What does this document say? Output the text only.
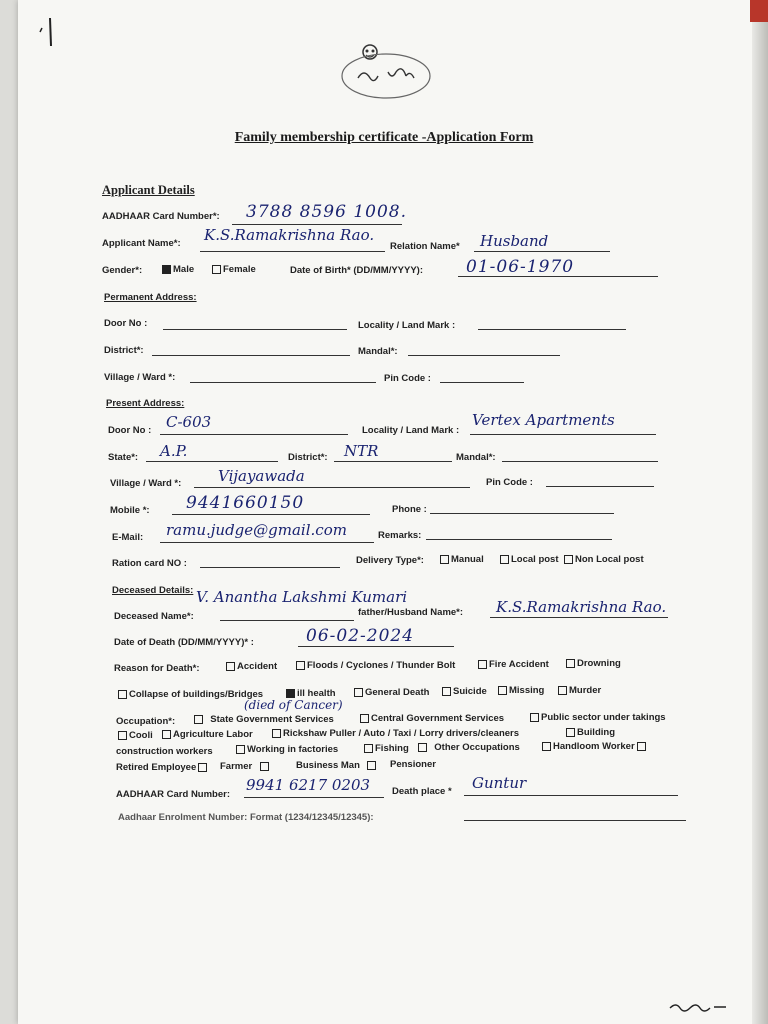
Family membership certificate -Application Form
Applicant Details
AADHAAR Card Number*: 3788 8596 1008.
Applicant Name*: K.S.Ramakrishna Rao.
Relation Name* Husband
Gender*:	Male	Female	Date of Birth* (DD/MM/YYYY):	01-06-1970
Permanent Address:
Door No :	Locality / Land Mark :
District*:	Mandal*:
Village / Ward *:	Pin Code :
Present Address:
Door No : C-603	Locality / Land Mark :
Vertex Apartments
State*: A.P.	District*: NTR	Mandal*:
Village / Ward *: Vijayawada	Pin Code :
Mobile *: 9441660150	Phone :
E-Mail: ramu.judge@gmail.com	Remarks:
Ration card NO :	Delivery Type*:	Manual	Local post	Non Local post
Deceased Details:
Deceased Name*:
V. Anantha Lakshmi Kumari
father/Husband Name*: K.S.Ramakrishna Rao.
Date of Death (DD/MM/YYYY)* :	06-02-2024
Reason for Death*:	Accident	Floods / Cyclones / Thunder Bolt	Fire Accident	Drowning
Collapse of buildings/Bridges	ill health	General Death	Suicide	Missing	Murder
(died of Cancer)
Occupation*:	State Government Services	Central Government Services	Public sector under takings
Cooli	Agriculture Labor	Rickshaw Puller / Auto / Taxi / Lorry drivers/cleaners	Building
construction workers	Working in factories	Fishing	Other Occupations	Handloom Worker
Retired Employee	Farmer	Business Man	Pensioner
AADHAAR Card Number:
9941 6217 0203 Death place * Guntur
Aadhaar Enrolment Number: Format (1234/12345/12345):
